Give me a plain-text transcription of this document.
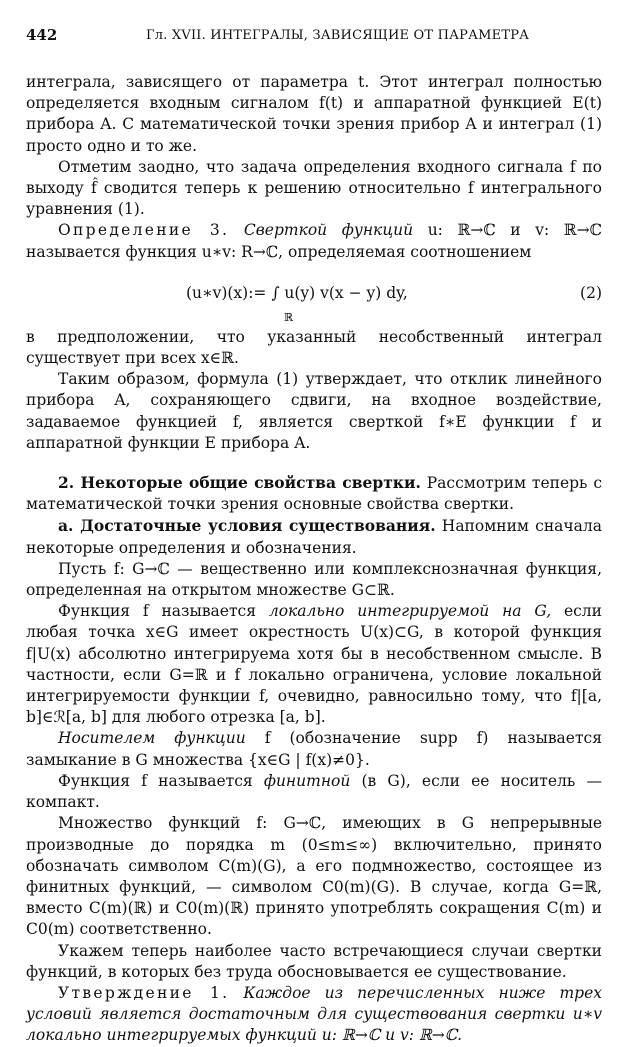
442	Гл. XVII. ИНТЕГРАЛЫ, ЗАВИСЯЩИЕ ОТ ПАРАМЕТРА

интеграла, зависящего от параметра t. Этот интеграл полностью определяется входным сигналом f(t) и аппаратной функцией E(t) прибора A. С математической точки зрения прибор A и интеграл (1) просто одно и то же.

Отметим заодно, что задача определения входного сигнала f по выходу f̂ сводится теперь к решению относительно f интегрального уравнения (1).

Определение 3. Сверткой функций u: ℝ→ℂ и v: ℝ→ℂ называется функция u∗v: R→ℂ, определяемая соотношением

(u∗v)(x):= ∫ u(y) v(x − y) dy,
ℝ
(2)

в предположении, что указанный несобственный интеграл существует при всех x∈ℝ.

Таким образом, формула (1) утверждает, что отклик линейного прибора A, сохраняющего сдвиги, на входное воздействие, задаваемое функцией f, является сверткой f∗E функции f и аппаратной функции E прибора A.

2. Некоторые общие свойства свертки. Рассмотрим теперь с математической точки зрения основные свойства свертки.

а. Достаточные условия существования. Напомним сначала некоторые определения и обозначения.

Пусть f: G→ℂ — вещественно или комплекснозначная функция, определенная на открытом множестве G⊂ℝ.

Функция f называется локально интегрируемой на G, если любая точка x∈G имеет окрестность U(x)⊂G, в которой функция f|U(x) абсолютно интегрируема хотя бы в несобственном смысле. В частности, если G=ℝ и f локально ограничена, условие локальной интегрируемости функции f, очевидно, равносильно тому, что f|[a, b]∈ℛ[a, b] для любого отрезка [a, b].

Носителем функции f (обозначение supp f) называется замыкание в G множества {x∈G | f(x)≠0}.

Функция f называется финитной (в G), если ее носитель — компакт.

Множество функций f: G→ℂ, имеющих в G непрерывные производные до порядка m (0≤m≤∞) включительно, принято обозначать символом C(m)(G), а его подмножество, состоящее из финитных функций, — символом C0(m)(G). В случае, когда G=ℝ, вместо C(m)(ℝ) и C0(m)(ℝ) принято употреблять сокращения C(m) и C0(m) соответственно.

Укажем теперь наиболее часто встречающиеся случаи свертки функций, в которых без труда обосновывается ее существование.

Утверждение 1. Каждое из перечисленных ниже трех условий является достаточным для существования свертки u∗v локально интегрируемых функций u: ℝ→ℂ и v: ℝ→ℂ.
